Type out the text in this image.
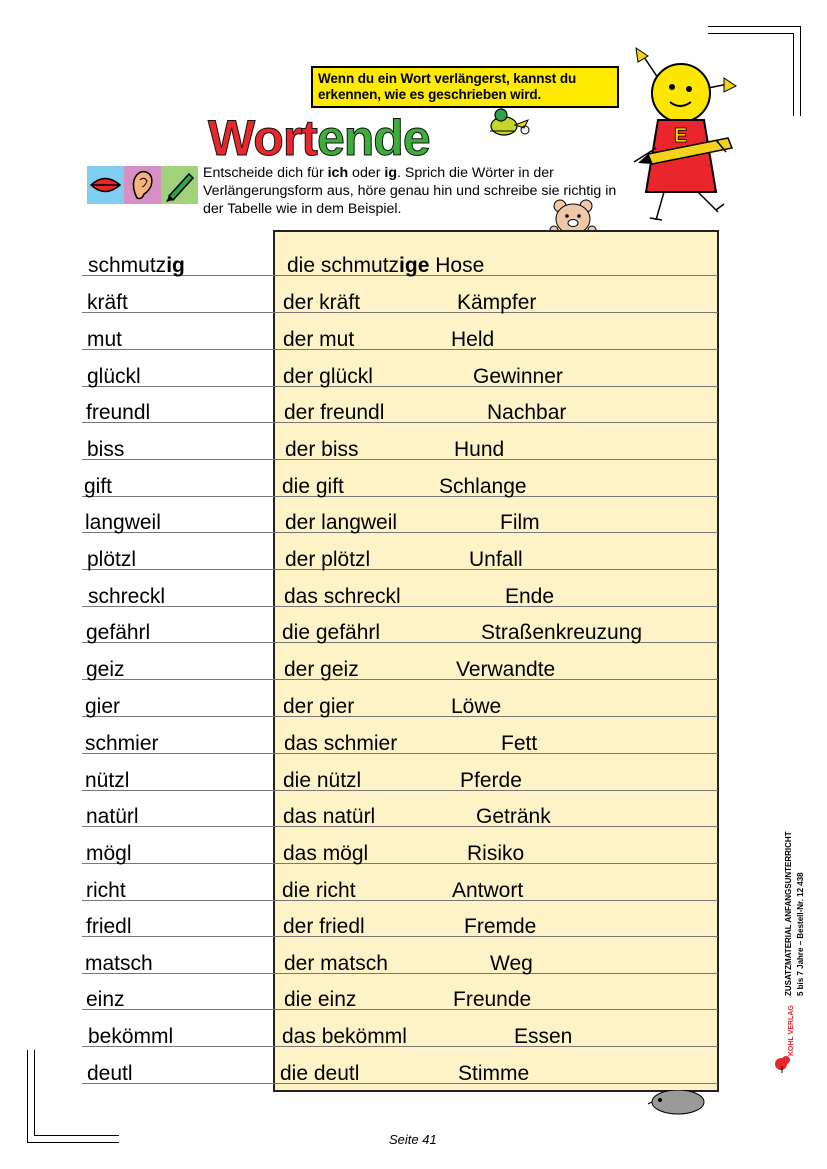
Wenn du ein Wort verlängerst, kannst du erkennen, wie es geschrieben wird.
E
Wortende
Entscheide dich für ich oder ig. Sprich die Wörter in der Verlängerungsform aus, höre genau hin und schreibe sie richtig in der Tabelle wie in dem Beispiel.
schmutzig	die schmutzige Hose
kräft	der kräft	Kämpfer
mut	der mut	Held
glückl	der glückl	Gewinner
freundl	der freundl	Nachbar
biss	der biss	Hund
gift	die gift	Schlange
langweil	der langweil	Film
plötzl	der plötzl	Unfall
schreckl	das schreckl	Ende
gefährl	die gefährl	Straßenkreuzung
geiz	der geiz	Verwandte
gier	der gier	Löwe
schmier	das schmier	Fett
nützl	die nützl	Pferde
natürl	das natürl	Getränk
mögl	das mögl	Risiko
richt	die richt	Antwort
friedl	der friedl	Fremde
matsch	der matsch	Weg
einz	die einz	Freunde
bekömml	das bekömml	Essen
deutl	die deutl	Stimme
ZUSATZMATERIAL ANFANGSUNTERRICHT 5 bis 7 Jahre – Bestell-Nr. 12 438
KOHL VERLAG
Seite 41
